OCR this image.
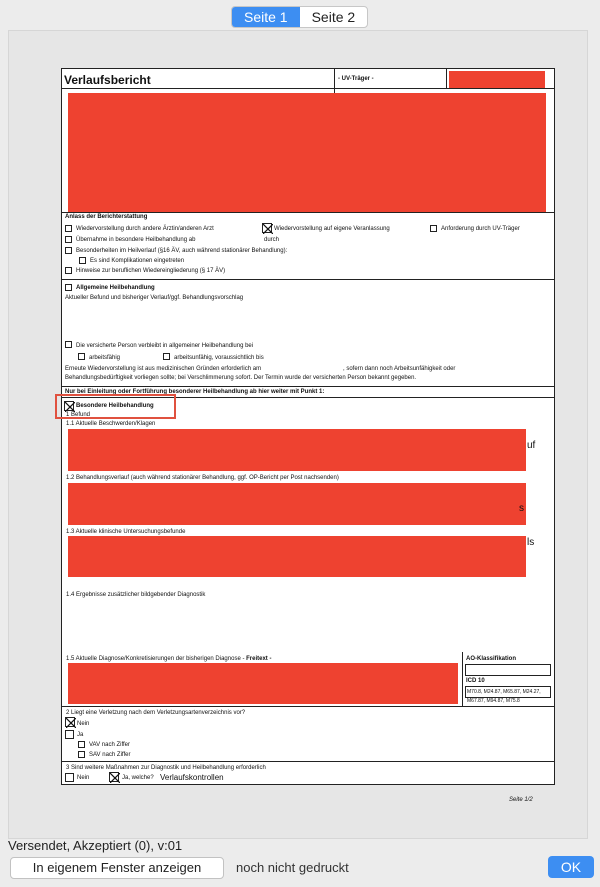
Seite 1	Seite 2
Verlaufsbericht	- UV-Träger -
Anlass der Berichterstattung
Wiedervorstellung durch andere Ärztin/anderen Arzt	Wiedervorstellung auf eigene Veranlassung	Anforderung durch UV-Träger
Übernahme in besondere Heilbehandlung ab	durch
Besonderheiten im Heilverlauf (§16 ÄV, auch während stationärer Behandlung):
Es sind Komplikationen eingetreten
Hinweise zur beruflichen Wiedereingliederung (§ 17 ÄV)
Allgemeine Heilbehandlung
Aktueller Befund und bisheriger Verlauf/ggf. Behandlungsvorschlag
Die versicherte Person verbleibt in allgemeiner Heilbehandlung bei
arbeitsfähig	arbeitsunfähig, voraussichtlich bis
Erneute Wiedervorstellung ist aus medizinischen Gründen erforderlich am	, sofern dann noch Arbeitsunfähigkeit oder
Behandlungsbedürftigkeit vorliegen sollte; bei Verschlimmerung sofort. Der Termin wurde der versicherten Person bekannt gegeben.
Nur bei Einleitung oder Fortführung besonderer Heilbehandlung ab hier weiter mit Punkt 1:
Besondere Heilbehandlung
1 Befund
1.1 Aktuelle Beschwerden/Klagen
uf
1.2 Behandlungsverlauf (auch während stationärer Behandlung, ggf. OP-Bericht per Post nachsenden)
s
1.3 Aktuelle klinische Untersuchungsbefunde
ls
1.4 Ergebnisse zusätzlicher bildgebender Diagnostik
1.5 Aktuelle Diagnose/Konkretisierungen der bisherigen Diagnose - Freitext -	AO-Klassifikation
ICD 10
M70.8, M24.87, M65.87, M24.27,
M67.87, M94.87, M75.8
2 Liegt eine Verletzung nach dem Verletzungsartenverzeichnis vor?
Nein
Ja
VAV nach Ziffer
SAV nach Ziffer
3 Sind weitere Maßnahmen zur Diagnostik und Heilbehandlung erforderlich
Nein	Ja, welche? Verlaufskontrollen
Seite 1/2
Versendet, Akzeptiert (0), v:01
In eigenem Fenster anzeigen	noch nicht gedruckt	OK
